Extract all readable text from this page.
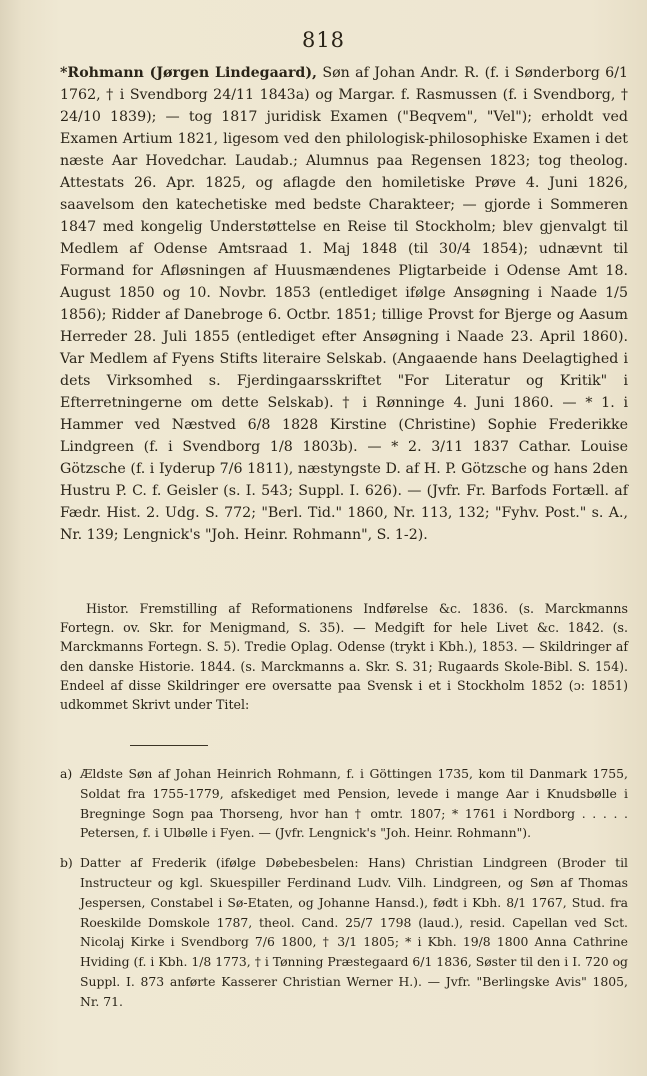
818

*Rohmann (Jørgen Lindegaard), Søn af Johan Andr. R. (f. i Sønderborg 6/1 1762, † i Svendborg 24/11 1843a) og Margar. f. Rasmussen (f. i Svendborg, † 24/10 1839); — tog 1817 juridisk Examen ("Beqvem", "Vel"); erholdt ved Examen Artium 1821, ligesom ved den philologisk-philosophiske Examen i det næste Aar Hovedchar. Laudab.; Alumnus paa Regensen 1823; tog theolog. Attestats 26. Apr. 1825, og aflagde den homiletiske Prøve 4. Juni 1826, saavelsom den katechetiske med bedste Charakteer; — gjorde i Sommeren 1847 med kongelig Understøttelse en Reise til Stockholm; blev gjenvalgt til Medlem af Odense Amtsraad 1. Maj 1848 (til 30/4 1854); udnævnt til Formand for Afløsningen af Huusmændenes Pligtarbeide i Odense Amt 18. August 1850 og 10. Novbr. 1853 (entlediget ifølge Ansøgning i Naade 1/5 1856); Ridder af Danebroge 6. Octbr. 1851; tillige Provst for Bjerge og Aasum Herreder 28. Juli 1855 (entlediget efter Ansøgning i Naade 23. April 1860). Var Medlem af Fyens Stifts literaire Selskab. (Angaaende hans Deelagtighed i dets Virksomhed s. Fjerdingaarsskriftet "For Literatur og Kritik" i Efterretningerne om dette Selskab). † i Rønninge 4. Juni 1860. — * 1. i Hammer ved Næstved 6/8 1828 Kirstine (Christine) Sophie Frederikke Lindgreen (f. i Svendborg 1/8 1803b). — * 2. 3/11 1837 Cathar. Louise Götzsche (f. i Iyderup 7/6 1811), næstyngste D. af H. P. Götzsche og hans 2den Hustru P. C. f. Geisler (s. I. 543; Suppl. I. 626). — (Jvfr. Fr. Barfods Fortæll. af Fædr. Hist. 2. Udg. S. 772; "Berl. Tid." 1860, Nr. 113, 132; "Fyhv. Post." s. A., Nr. 139; Lengnick's "Joh. Heinr. Rohmann", S. 1-2).

Histor. Fremstilling af Reformationens Indførelse &c. 1836. (s. Marckmanns Fortegn. ov. Skr. for Menigmand, S. 35). — Medgift for hele Livet &c. 1842. (s. Marckmanns Fortegn. S. 5). Tredie Oplag. Odense (trykt i Kbh.), 1853. — Skildringer af den danske Historie. 1844. (s. Marckmanns a. Skr. S. 31; Rugaards Skole-Bibl. S. 154). Endeel af disse Skildringer ere oversatte paa Svensk i et i Stockholm 1852 (ɔ: 1851) udkommet Skrivt under Titel:

a) Ældste Søn af Johan Heinrich Rohmann, f. i Göttingen 1735, kom til Danmark 1755, Soldat fra 1755-1779, afskediget med Pension, levede i mange Aar i Knudsbølle i Bregninge Sogn paa Thorseng, hvor han † omtr. 1807; * 1761 i Nordborg . . . . . Petersen, f. i Ulbølle i Fyen. — (Jvfr. Lengnick's "Joh. Heinr. Rohmann").
b) Datter af Frederik (ifølge Døbebesbelen: Hans) Christian Lindgreen (Broder til Instructeur og kgl. Skuespiller Ferdinand Ludv. Vilh. Lindgreen, og Søn af Thomas Jespersen, Constabel i Sø-Etaten, og Johanne Hansd.), født i Kbh. 8/1 1767, Stud. fra Roeskilde Domskole 1787, theol. Cand. 25/7 1798 (laud.), resid. Capellan ved Sct. Nicolaj Kirke i Svendborg 7/6 1800, † 3/1 1805; * i Kbh. 19/8 1800 Anna Cathrine Hviding (f. i Kbh. 1/8 1773, † i Tønning Præstegaard 6/1 1836, Søster til den i I. 720 og Suppl. I. 873 anførte Kasserer Christian Werner H.). — Jvfr. "Berlingske Avis" 1805, Nr. 71.
